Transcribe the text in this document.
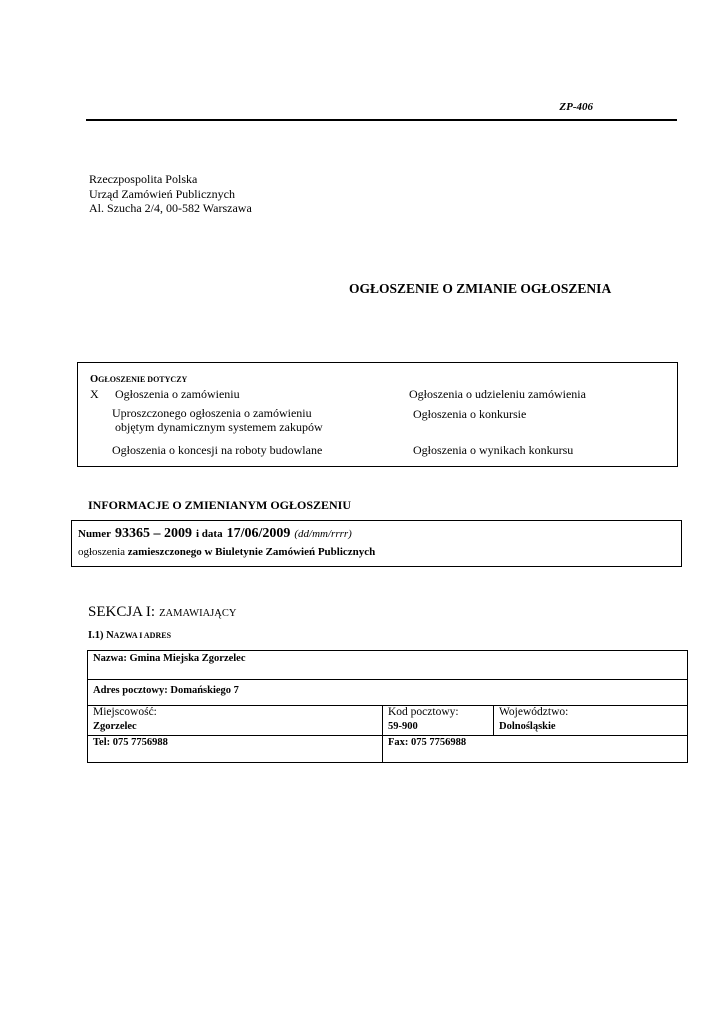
ZP-406
Rzeczpospolita Polska
Urząd Zamówień Publicznych
Al. Szucha 2/4, 00-582 Warszawa
OGŁOSZENIE O ZMIANIE OGŁOSZENIA
OGŁOSZENIE DOTYCZY
X Ogłoszenia o zamówieniu	Ogłoszenia o udzieleniu zamówienia
Uproszczonego ogłoszenia o zamówieniu
objętym dynamicznym systemem zakupów
Ogłoszenia o konkursie
Ogłoszenia o koncesji na roboty budowlane	Ogłoszenia o wynikach konkursu
INFORMACJE O ZMIENIANYM OGŁOSZENIU
Numer 93365 – 2009 i data 17/06/2009 (dd/mm/rrrr)
ogłoszenia zamieszczonego w Biuletynie Zamówień Publicznych
SEKCJA I: ZAMAWIAJĄCY
I.1) NAZWA I ADRES
Nazwa: Gmina Miejska Zgorzelec
Adres pocztowy: Domańskiego 7
Miejscowość:
Zgorzelec
Kod pocztowy:
59-900
Województwo:
Dolnośląskie
Tel: 075 7756988	Fax: 075 7756988
